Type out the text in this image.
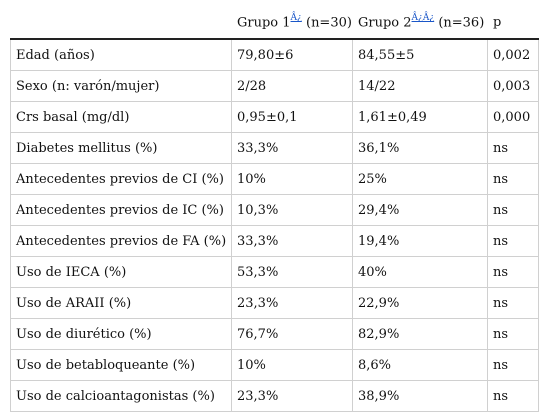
	Grupo 1$^{Â¿}$ (n=30)	Grupo 2$^{Â¿Â¿}$ (n=36)	p
Edad (años)	79,80±6	84,55±5	0,002
Sexo (n: varón/mujer)	2/28	14/22	0,003
Crs basal (mg/dl)	0,95±0,1	1,61±0,49	0,000
Diabetes mellitus (%)	33,3%	36,1%	ns
Antecedentes previos de CI (%)	10%	25%	ns
Antecedentes previos de IC (%)	10,3%	29,4%	ns
Antecedentes previos de FA (%)	33,3%	19,4%	ns
Uso de IECA (%)	53,3%	40%	ns
Uso de ARAII (%)	23,3%	22,9%	ns
Uso de diurético (%)	76,7%	82,9%	ns
Uso de betabloqueante (%)	10%	8,6%	ns
Uso de calcioantagonistas (%)	23,3%	38,9%	ns
